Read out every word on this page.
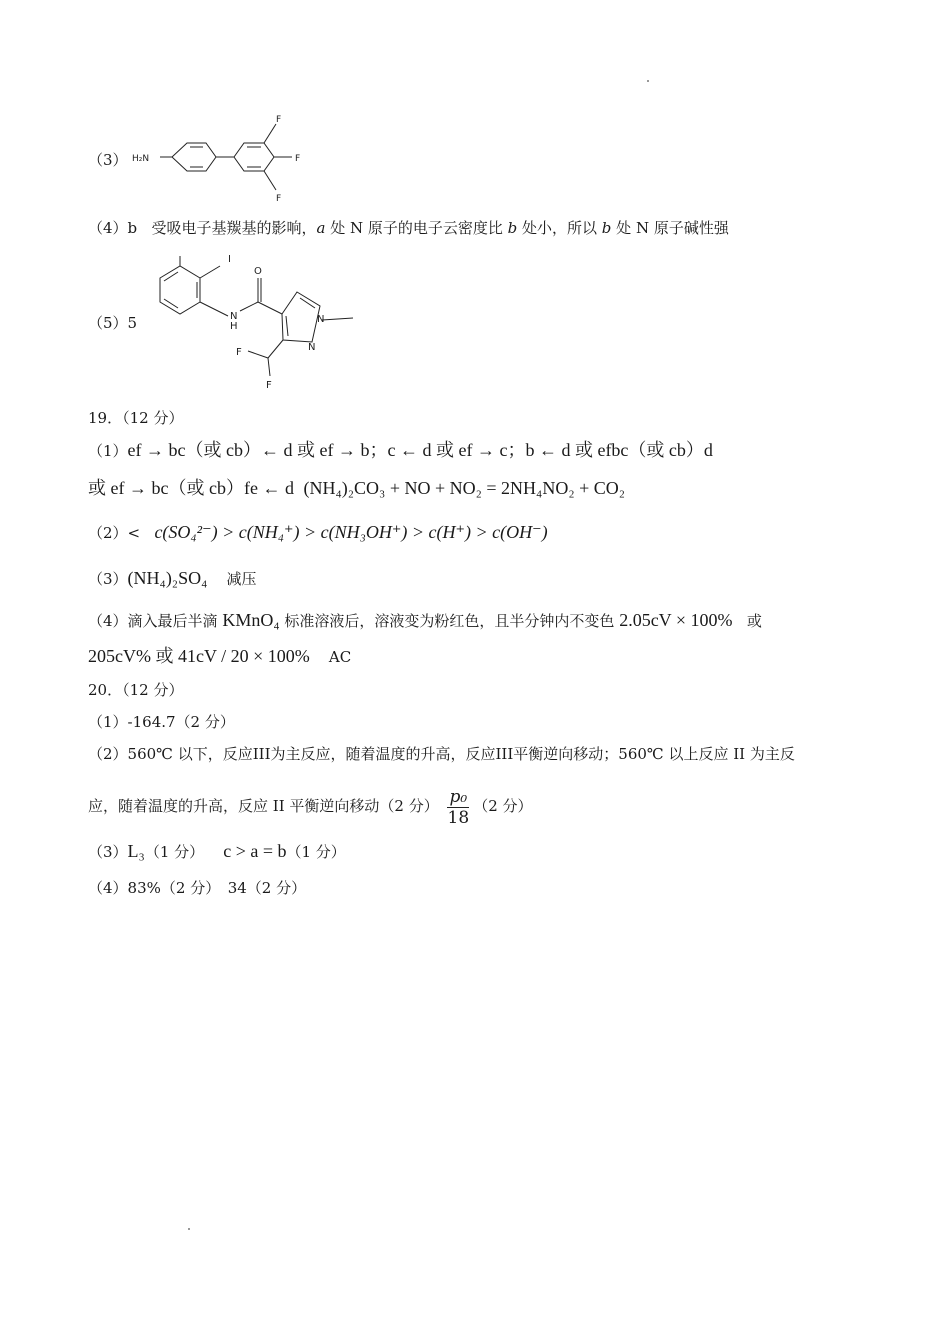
（3） H₂N
F
F
F
（4）b 受吸电子基羰基的影响，a 处 N 原子的电子云密度比 b 处小，所以 b 处 N 原子碱性强
（5）5
I
O
N
H
N
N
F
F
19．（12 分）
（1）ef → bc（或 cb）← d 或 ef → b；c ← d 或 ef → c；b ← d 或 efbc（或 cb）d
或 ef → bc（或 cb）fe ← d (NH₄)₂CO₃ + NO + NO₂ = 2NH₄NO₂ + CO₂
（2）< c(SO₄²⁻) > c(NH₄⁺) > c(NH₃OH⁺) > c(H⁺) > c(OH⁻)
（3）(NH₄)₂SO₄ 减压
（4）滴入最后半滴 KMnO₄ 标准溶液后，溶液变为粉红色，且半分钟内不变色 2.05cV × 100% 或
205cV% 或 41cV / 20 × 100% AC
20．（12 分）
（1）-164.7（2 分）
（2）560℃ 以下，反应III为主反应，随着温度的升高，反应III平衡逆向移动；560℃ 以上反应 II 为主反
应，随着温度的升高，反应 II 平衡逆向移动（2 分） $\frac{\text{p₀}}{18} (2$ 分）
（3）L₃（1 分） c > a = b（1 分）
（4）83%（2 分）　34（2 分）
